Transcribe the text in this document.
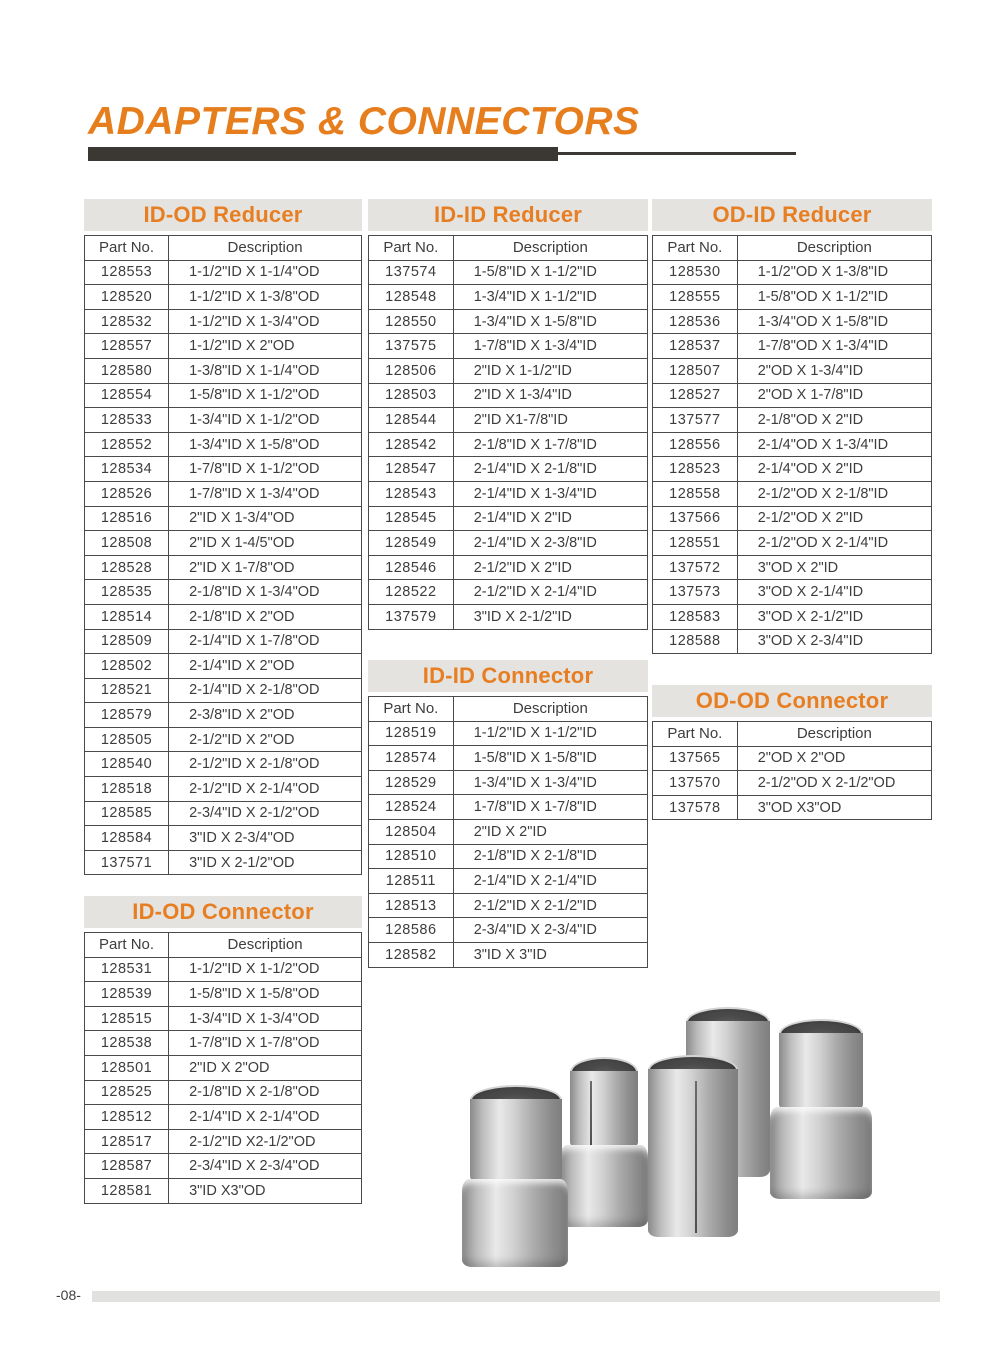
ADAPTERS & CONNECTORS
ID-OD Reducer
Part No.	Description
128553	1-1/2"ID X 1-1/4"OD
128520	1-1/2"ID X 1-3/8"OD
128532	1-1/2"ID X 1-3/4"OD
128557	1-1/2"ID X 2"OD
128580	1-3/8"ID X 1-1/4"OD
128554	1-5/8"ID X 1-1/2"OD
128533	1-3/4"ID X 1-1/2"OD
128552	1-3/4"ID X 1-5/8"OD
128534	1-7/8"ID X 1-1/2"OD
128526	1-7/8"ID X 1-3/4"OD
128516	2"ID X 1-3/4"OD
128508	2"ID X 1-4/5"OD
128528	2"ID X 1-7/8"OD
128535	2-1/8"ID X 1-3/4"OD
128514	2-1/8"ID X 2"OD
128509	2-1/4"ID X 1-7/8"OD
128502	2-1/4"ID X 2"OD
128521	2-1/4"ID X 2-1/8"OD
128579	2-3/8"ID X 2"OD
128505	2-1/2"ID X 2"OD
128540	2-1/2"ID X 2-1/8"OD
128518	2-1/2"ID X 2-1/4"OD
128585	2-3/4"ID X 2-1/2"OD
128584	3"ID X 2-3/4"OD
137571	3"ID X 2-1/2"OD
ID-OD Connector
Part No.	Description
128531	1-1/2"ID X 1-1/2"OD
128539	1-5/8"ID X 1-5/8"OD
128515	1-3/4"ID X 1-3/4"OD
128538	1-7/8"ID X 1-7/8"OD
128501	2"ID X 2"OD
128525	2-1/8"ID X 2-1/8"OD
128512	2-1/4"ID X 2-1/4"OD
128517	2-1/2"ID X2-1/2"OD
128587	2-3/4"ID X 2-3/4"OD
128581	3"ID X3"OD
ID-ID Reducer
Part No.	Description
137574	1-5/8"ID X 1-1/2"ID
128548	1-3/4"ID X 1-1/2"ID
128550	1-3/4"ID X 1-5/8"ID
137575	1-7/8"ID X 1-3/4"ID
128506	2"ID X 1-1/2"ID
128503	2"ID X 1-3/4"ID
128544	2"ID X1-7/8"ID
128542	2-1/8"ID X 1-7/8"ID
128547	2-1/4"ID X 2-1/8"ID
128543	2-1/4"ID X 1-3/4"ID
128545	2-1/4"ID X 2"ID
128549	2-1/4"ID X 2-3/8"ID
128546	2-1/2"ID X 2"ID
128522	2-1/2"ID X 2-1/4"ID
137579	3"ID X 2-1/2"ID
ID-ID Connector
Part No.	Description
128519	1-1/2"ID X 1-1/2"ID
128574	1-5/8"ID X 1-5/8"ID
128529	1-3/4"ID X 1-3/4"ID
128524	1-7/8"ID X 1-7/8"ID
128504	2"ID X 2"ID
128510	2-1/8"ID X 2-1/8"ID
128511	2-1/4"ID X 2-1/4"ID
128513	2-1/2"ID X 2-1/2"ID
128586	2-3/4"ID X 2-3/4"ID
128582	3"ID X 3"ID
OD-ID Reducer
Part No.	Description
128530	1-1/2"OD X 1-3/8"ID
128555	1-5/8"OD X 1-1/2"ID
128536	1-3/4"OD X 1-5/8"ID
128537	1-7/8"OD X 1-3/4"ID
128507	2"OD X 1-3/4"ID
128527	2"OD X 1-7/8"ID
137577	2-1/8"OD X 2"ID
128556	2-1/4"OD X 1-3/4"ID
128523	2-1/4"OD X 2"ID
128558	2-1/2"OD X 2-1/8"ID
137566	2-1/2"OD X 2"ID
128551	2-1/2"OD X 2-1/4"ID
137572	3"OD X 2"ID
137573	3"OD X 2-1/4"ID
128583	3"OD X 2-1/2"ID
128588	3"OD X 2-3/4"ID
OD-OD Connector
Part No.	Description
137565	2"OD X 2"OD
137570	2-1/2"OD X 2-1/2"OD
137578	3"OD X3"OD
-08-
